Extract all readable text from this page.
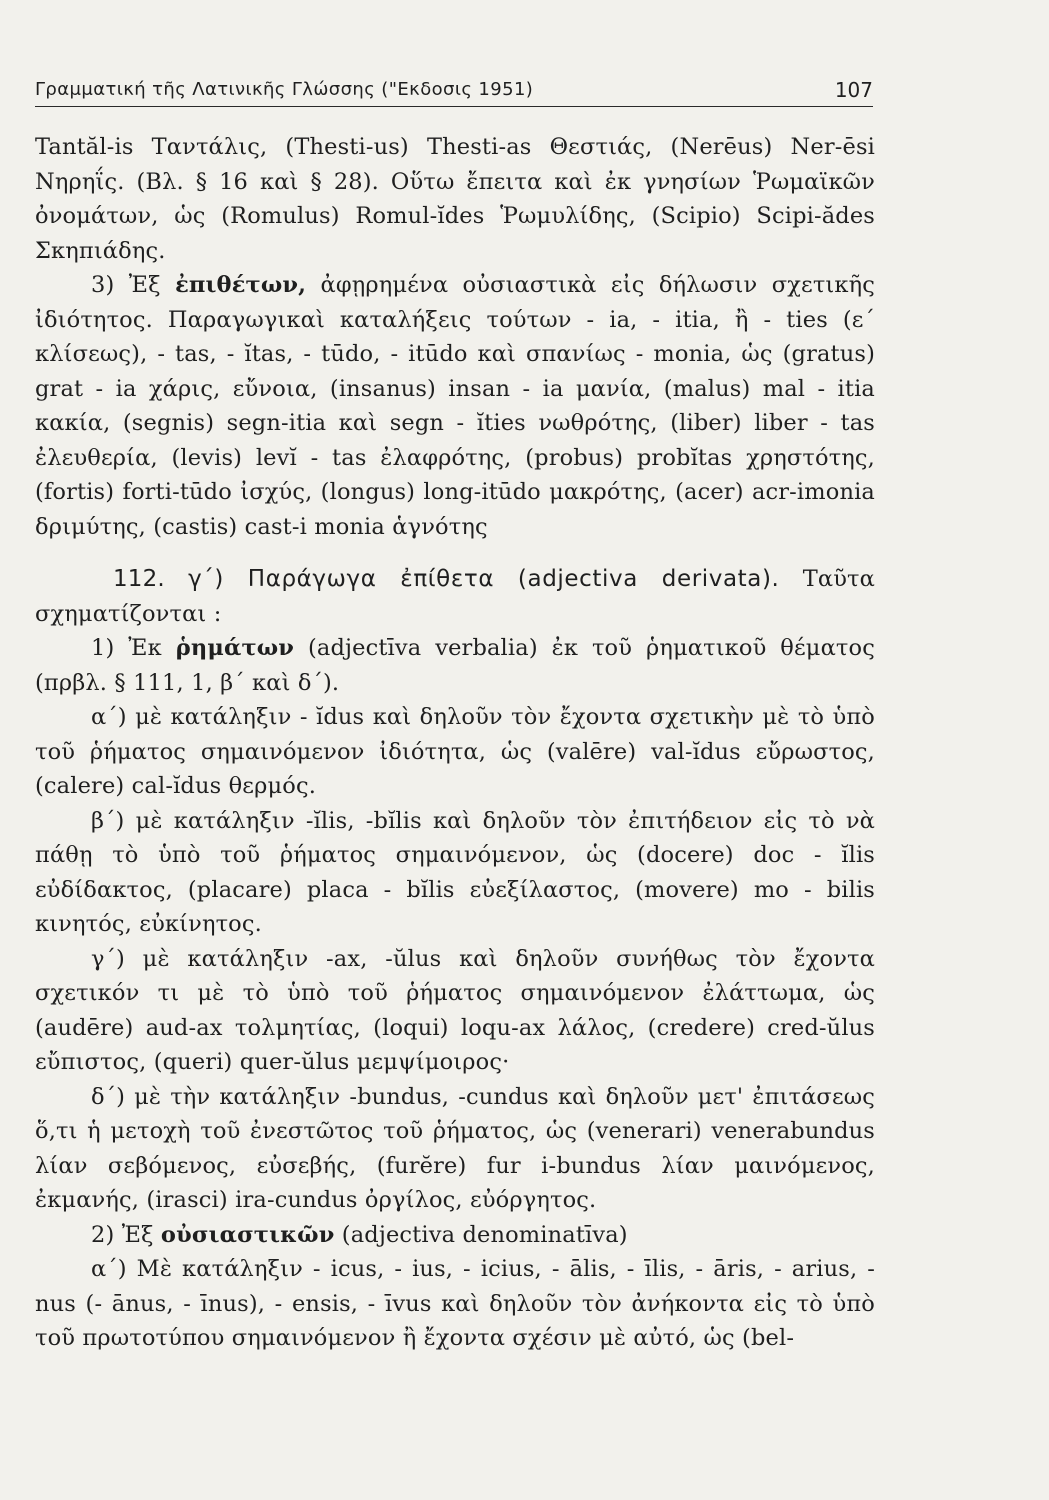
Γραμματική τῆς Λατινικῆς Γλώσσης ("Εκδοσις 1951)	107

Tantăl-is Ταντάλις, (Thesti-us) Thesti-as Θεστιάς, (Nerēus) Ner-ēsi Νηρηΐς. (Βλ. § 16 καὶ § 28). Οὕτω ἔπειτα καὶ ἐκ γνησίων Ῥωμαϊκῶν ὀνομάτων, ὡς (Romulus) Romul-ĭdes Ῥωμυλίδης, (Scipio) Scipi-ădes Σκηπιάδης.

3) Ἐξ ἐπιθέτων, ἀφῃρημένα οὐσιαστικὰ εἰς δήλωσιν σχετικῆς ἰδιότητος. Παραγωγικαὶ καταλήξεις τούτων - ia, - itia, ἢ - ties (ε´ κλίσεως), - tas, - ĭtas, - tūdo, - itūdo καὶ σπανίως - monia, ὡς (gratus) grat - ia χάρις, εὔνοια, (insanus) insan - ia μανία, (malus) mal - itia κακία, (segnis) segn-itia καὶ segn - ĭties νωθρότης, (liber) liber - tas ἐλευθερία, (levis) levĭ - tas ἐλαφρότης, (probus) probĭtas χρηστότης, (fortis) forti-tūdo ἰσχύς, (longus) long-itūdo μακρότης, (acer) acr-imonia δριμύτης, (castis) cast-i monia ἁγνότης

112. γ´) Παράγωγα ἐπίθετα (adjectiva derivata). Ταῦτα σχηματίζονται :

1) Ἐκ ῥημάτων (adjectīva verbalia) ἐκ τοῦ ῥηματικοῦ θέματος (πρβλ. § 111, 1, β´ καὶ δ´).

α´) μὲ κατάληξιν - ĭdus καὶ δηλοῦν τὸν ἔχοντα σχετικὴν μὲ τὸ ὑπὸ τοῦ ῥήματος σημαινόμενον ἰδιότητα, ὡς (valēre) val-ĭdus εὔρωστος, (calere) cal-ĭdus θερμός.

β´) μὲ κατάληξιν -ĭlis, -bĭlis καὶ δηλοῦν τὸν ἐπιτήδειον εἰς τὸ νὰ πάθῃ τὸ ὑπὸ τοῦ ῥήματος σημαινόμενον, ὡς (docere) doc - ĭlis εὐδίδακτος, (placare) placa - bĭlis εὐεξίλαστος, (movere) mo - bilis κινητός, εὐκίνητος.

γ´) μὲ κατάληξιν -ax, -ŭlus καὶ δηλοῦν συνήθως τὸν ἔχοντα σχετικόν τι μὲ τὸ ὑπὸ τοῦ ῥήματος σημαινόμενον ἐλάττωμα, ὡς (audēre) aud-ax τολμητίας, (loqui) loqu-ax λάλος, (credere) cred-ŭlus εὔπιστος, (queri) quer-ŭlus μεμψίμοιρος·

δ´) μὲ τὴν κατάληξιν -bundus, -cundus καὶ δηλοῦν μετ' ἐπιτάσεως ὅ,τι ἡ μετοχὴ τοῦ ἐνεστῶτος τοῦ ῥήματος, ὡς (venerari) venerabundus λίαν σεβόμενος, εὐσεβής, (furĕre) fur i-bundus λίαν μαινόμενος, ἐκμανής, (irasci) ira-cundus ὀργίλος, εὐόργητος.

2) Ἐξ οὐσιαστικῶν (adjectiva denominatīva)

α´) Μὲ κατάληξιν - icus, - ius, - icius, - ālis, - īlis, - āris, - arius, - nus (- ānus, - īnus), - ensis, - īvus καὶ δηλοῦν τὸν ἀνήκοντα εἰς τὸ ὑπὸ τοῦ πρωτοτύπου σημαινόμενον ἢ ἔχοντα σχέσιν μὲ αὐτό, ὡς (bel-
